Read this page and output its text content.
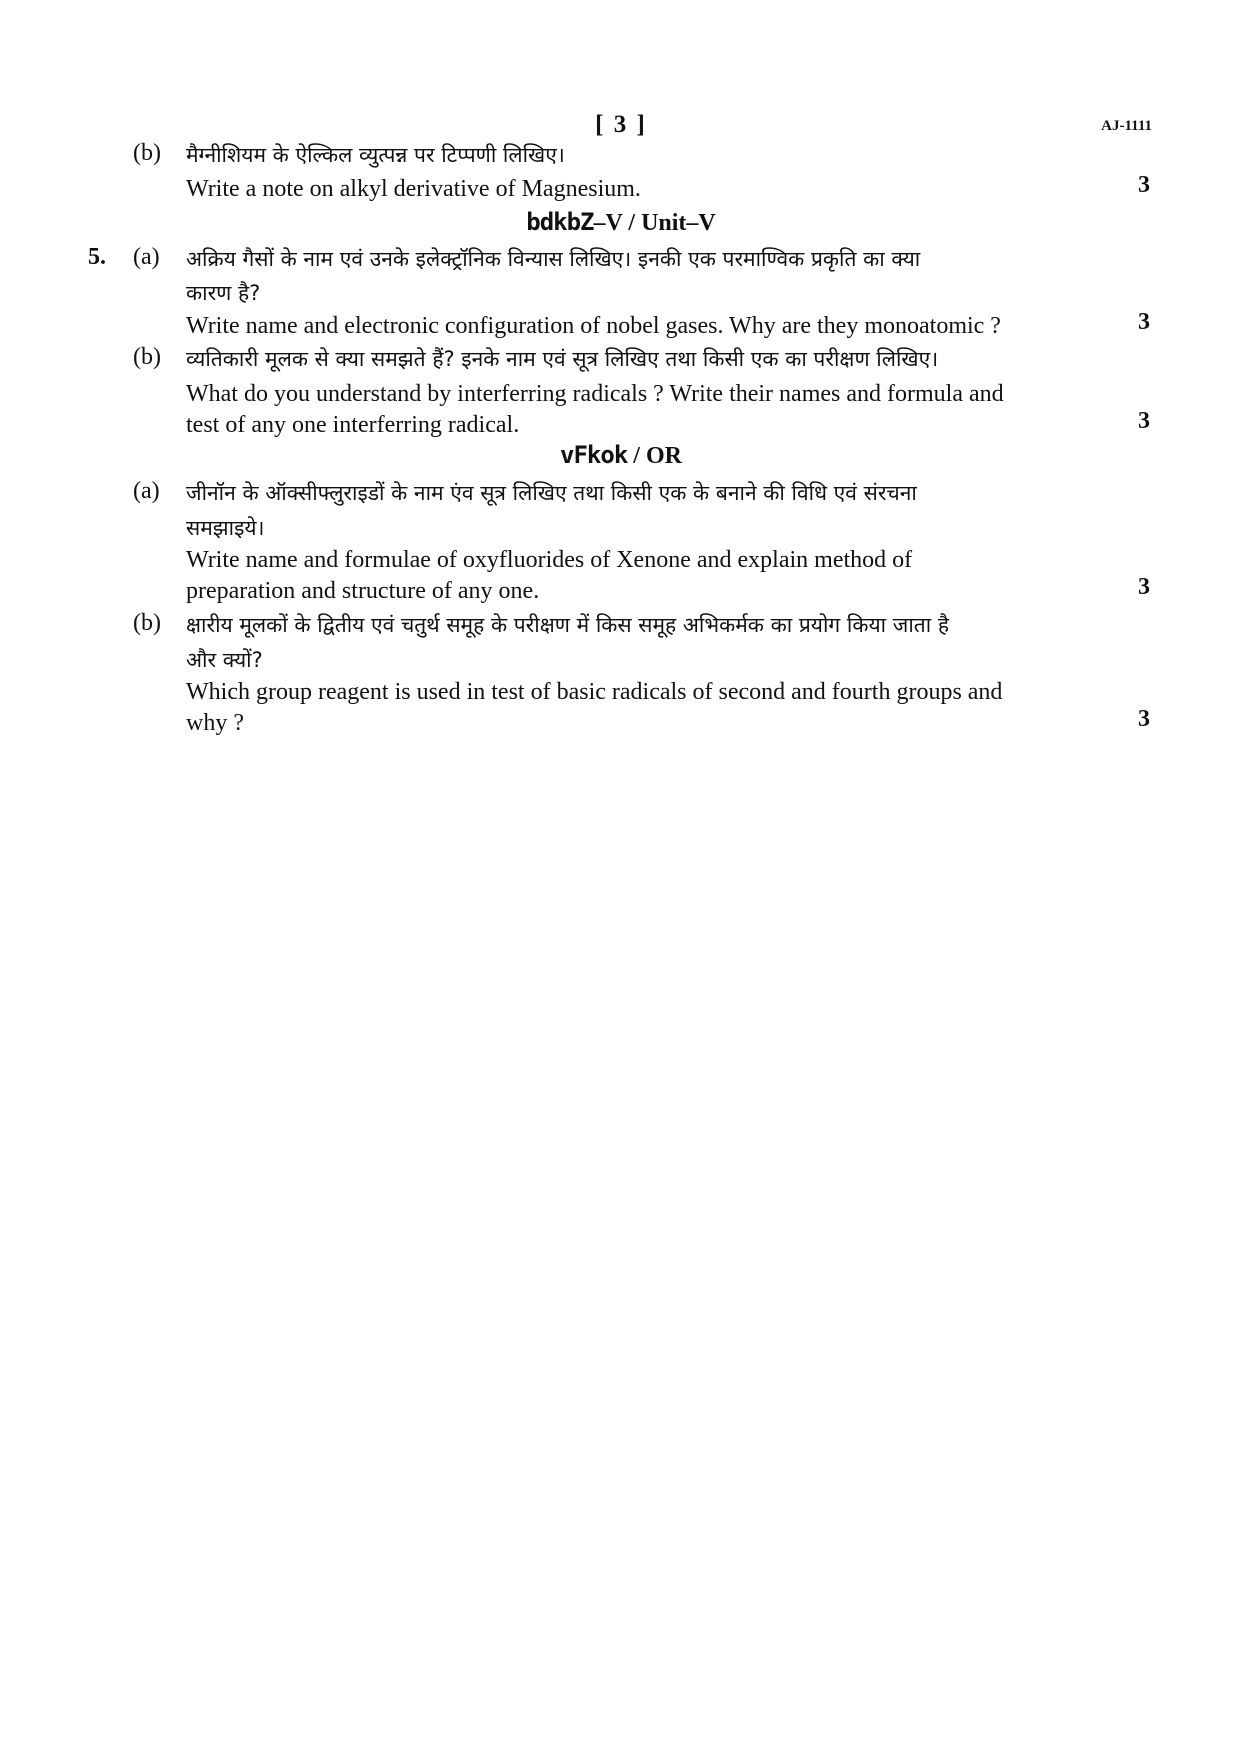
[ 3 ]	AJ-1111
(b) मैग्नीशियम के ऐल्किल व्युत्पन्न पर टिप्पणी लिखिए।
Write a note on alkyl derivative of Magnesium.	3
bdkbZ–V / Unit–V
5. (a) अक्रिय गैसों के नाम एवं उनके इलेक्ट्रॉनिक विन्यास लिखिए। इनकी एक परमाण्विक प्रकृति का क्या
कारण है?
Write name and electronic configuration of nobel gases. Why are they monoatomic ?	3
(b) व्यतिकारी मूलक से क्या समझते हैं? इनके नाम एवं सूत्र लिखिए तथा किसी एक का परीक्षण लिखिए।
What do you understand by interferring radicals ? Write their names and formula and
test of any one interferring radical.	3
vFkok / OR
(a) जीनॉन के ऑक्सीफ्लुराइडों के नाम एंव सूत्र लिखिए तथा किसी एक के बनाने की विधि एवं संरचना
समझाइये।
Write name and formulae of oxyfluorides of Xenone and explain method of
preparation and structure of any one.	3
(b) क्षारीय मूलकों के द्वितीय एवं चतुर्थ समूह के परीक्षण में किस समूह अभिकर्मक का प्रयोग किया जाता है
और क्यों?
Which group reagent is used in test of basic radicals of second and fourth groups and
why ?	3
